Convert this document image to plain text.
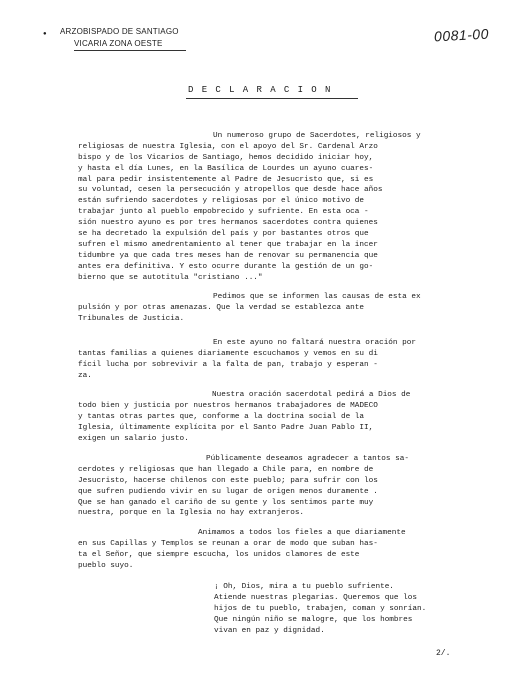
● ARZOBISPADO DE SANTIAGO
VICARIA ZONA OESTE	0081-00
DECLARACION
Un numeroso grupo de Sacerdotes, religiosos y
religiosas de nuestra Iglesia, con el apoyo del Sr. Cardenal Arzo
bispo y de los Vicarios de Santiago, hemos decidido iniciar hoy,
y hasta el día Lunes, en la Basílica de Lourdes un ayuno cuares-
mal para pedir insistentemente al Padre de Jesucristo que, si es
su voluntad, cesen la persecución y atropellos que desde hace años
están sufriendo sacerdotes y religiosas por el único motivo de
trabajar junto al pueblo empobrecido y sufriente. En esta oca -
sión nuestro ayuno es por tres hermanos sacerdotes contra quienes
se ha decretado la expulsión del país y por bastantes otros que
sufren el mismo amedrentamiento al tener que trabajar en la incer
tidumbre ya que cada tres meses han de renovar su permanencia que
antes era definitiva. Y esto ocurre durante la gestión de un go-
bierno que se autotitula "cristiano ..."
Pedimos que se informen las causas de esta ex
pulsión y por otras amenazas. Que la verdad se establezca ante
Tribunales de Justicia.
En este ayuno no faltará nuestra oración por
tantas familias a quienes diariamente escuchamos y vemos en su di
fícil lucha por sobrevivir a la falta de pan, trabajo y esperan -
za.
Nuestra oración sacerdotal pedirá a Dios de
todo bien y justicia por nuestros hermanos trabajadores de MADECO
y tantas otras partes que, conforme a la doctrina social de la
Iglesia, últimamente explícita por el Santo Padre Juan Pablo II,
exigen un salario justo.
Públicamente deseamos agradecer a tantos sa-
cerdotes y religiosas que han llegado a Chile para, en nombre de
Jesucristo, hacerse chilenos con este pueblo; para sufrir con los
que sufren pudiendo vivir en su lugar de origen menos duramente .
Que se han ganado el cariño de su gente y los sentimos parte muy
nuestra, porque en la Iglesia no hay extranjeros.
Animamos a todos los fieles a que diariamente
en sus Capillas y Templos se reunan a orar de modo que suban has-
ta el Señor, que siempre escucha, los unidos clamores de este
pueblo suyo.
¡ Oh, Dios, mira a tu pueblo sufriente.
Atiende nuestras plegarias. Queremos que los
hijos de tu pueblo, trabajen, coman y sonrían.
Que ningún niño se malogre, que los hombres
vivan en paz y dignidad.
2/.
